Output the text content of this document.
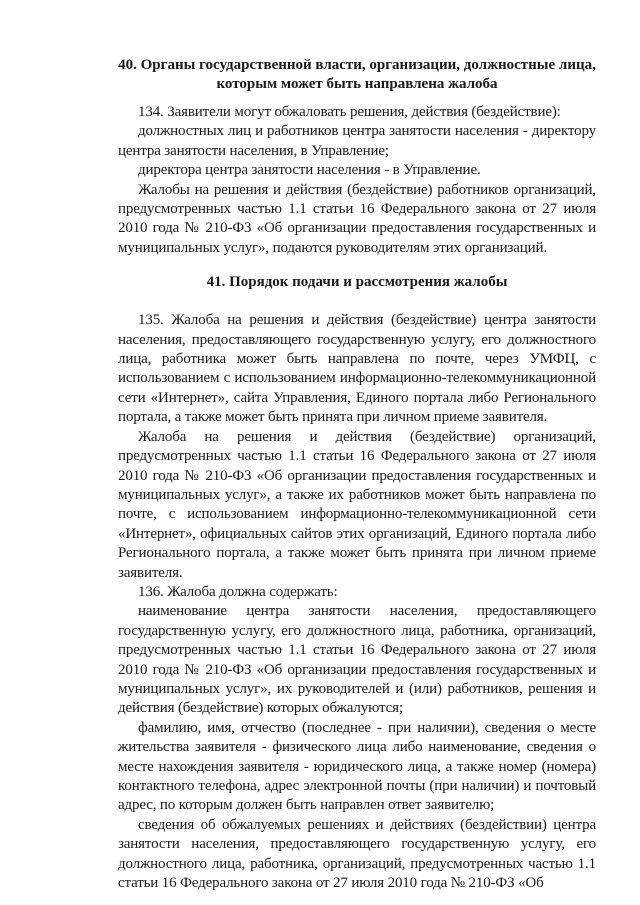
40. Органы государственной власти, организации, должностные лица, которым может быть направлена жалоба

134. Заявители могут обжаловать решения, действия (бездействие):

должностных лиц и работников центра занятости населения - директору центра занятости населения, в Управление;

директора центра занятости населения - в Управление.

Жалобы на решения и действия (бездействие) работников организаций, предусмотренных частью 1.1 статьи 16 Федерального закона от 27 июля 2010 года № 210-ФЗ «Об организации предоставления государственных и муниципальных услуг», подаются руководителям этих организаций.

41. Порядок подачи и рассмотрения жалобы

135. Жалоба на решения и действия (бездействие) центра занятости населения, предоставляющего государственную услугу, его должностного лица, работника может быть направлена по почте, через УМФЦ, с использованием с использованием информационно-телекоммуникационной сети «Интернет», сайта Управления, Единого портала либо Регионального портала, а также может быть принята при личном приеме заявителя.

Жалоба на решения и действия (бездействие) организаций, предусмотренных частью 1.1 статьи 16 Федерального закона от 27 июля 2010 года № 210-ФЗ «Об организации предоставления государственных и муниципальных услуг», а также их работников может быть направлена по почте, с использованием информационно-телекоммуникационной сети «Интернет», официальных сайтов этих организаций, Единого портала либо Регионального портала, а также может быть принята при личном приеме заявителя.

136. Жалоба должна содержать:

наименование центра занятости населения, предоставляющего государственную услугу, его должностного лица, работника, организаций, предусмотренных частью 1.1 статьи 16 Федерального закона от 27 июля 2010 года № 210-ФЗ «Об организации предоставления государственных и муниципальных услуг», их руководителей и (или) работников, решения и действия (бездействие) которых обжалуются;

фамилию, имя, отчество (последнее - при наличии), сведения о месте жительства заявителя - физического лица либо наименование, сведения о месте нахождения заявителя - юридического лица, а также номер (номера) контактного телефона, адрес электронной почты (при наличии) и почтовый адрес, по которым должен быть направлен ответ заявителю;

сведения об обжалуемых решениях и действиях (бездействии) центра занятости населения, предоставляющего государственную услугу, его должностного лица, работника, организаций, предусмотренных частью 1.1 статьи 16 Федерального закона от 27 июля 2010 года № 210-ФЗ «Об
